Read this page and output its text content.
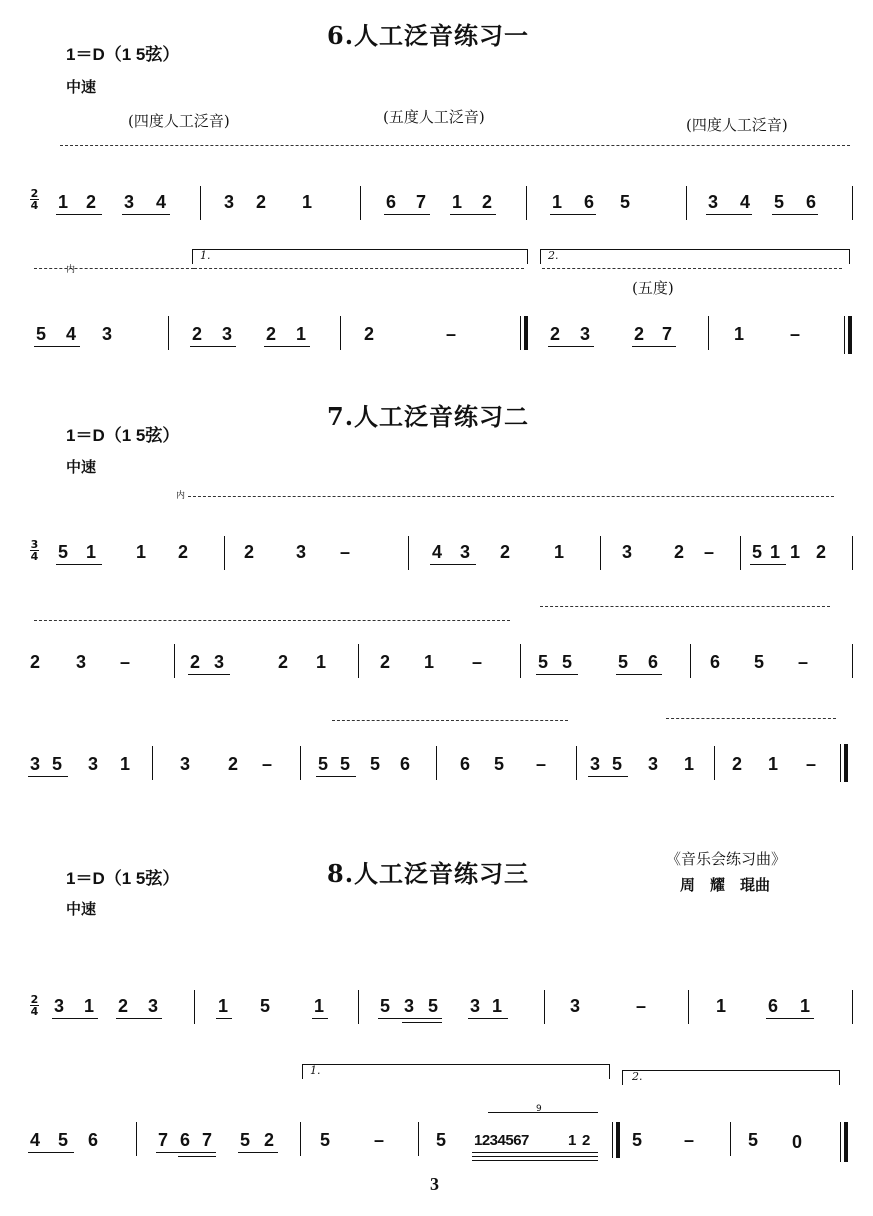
6.人工泛音练习一
1＝D（1 5弦）
中速
(四度人工泛音)	(五度人工泛音)	(四度人工泛音)
2
4 1 2 3 4	3 2 1	6 7 1 2	1 6 5	3 4 5 6
内
1.	2.
(五度)
5 4 3	2 3 2 1	2	–	2 3 2 7	1	–
7.人工泛音练习二
1＝D（1 5弦）
中速
内
3
4 5 1 1 2	2 3 –	4 3 2 1	3 2 – 5 1 1 2
2 3 –	2 3	2 1	2 1 –	5 5	5 6	6 5 –
3 5 3 1	3 2 –	5 5 5 6	6 5 – 3 5 3 1 2 1 –
8.人工泛音练习三	《音乐会练习曲》
周　耀　琨曲
1＝D（1 5弦）
中速
2
4 3 1 2 3	1 5 1	5 3 5 3 1	3	–	1 6 1
1.	2.
9
4 5 6	7 6 7 5 2	5 –	5 1234567	1 2 5 –	5 0
3
